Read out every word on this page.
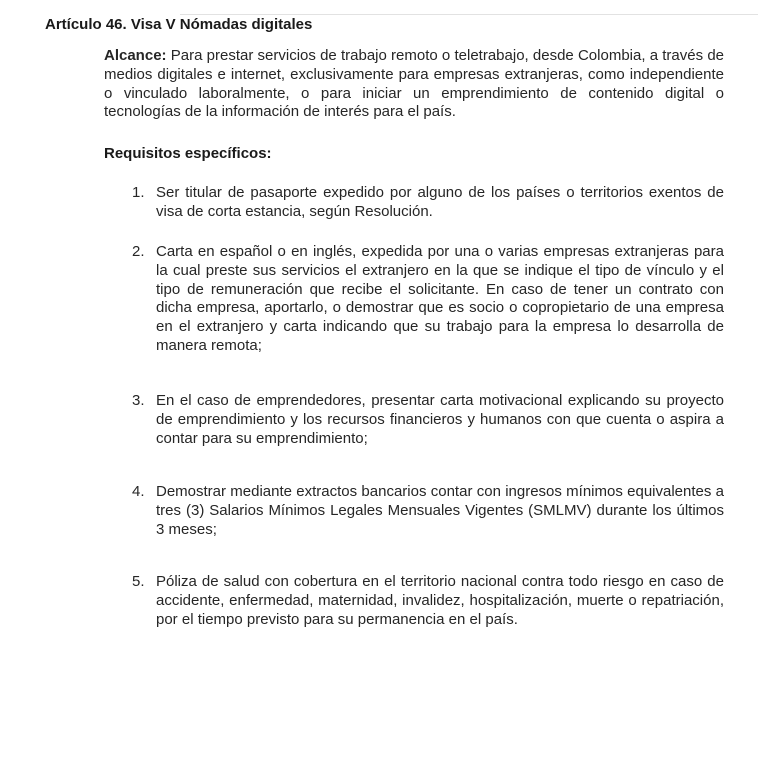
Artículo 46. Visa V Nómadas digitales
Alcance: Para prestar servicios de trabajo remoto o teletrabajo, desde Colombia, a través de medios digitales e internet, exclusivamente para empresas extranjeras, como independiente o vinculado laboralmente, o para iniciar un emprendimiento de contenido digital o tecnologías de la información de interés para el país.
Requisitos específicos:
1. Ser titular de pasaporte expedido por alguno de los países o territorios exentos de visa de corta estancia, según Resolución.
2. Carta en español o en inglés, expedida por una o varias empresas extranjeras para la cual preste sus servicios el extranjero en la que se indique el tipo de vínculo y el tipo de remuneración que recibe el solicitante. En caso de tener un contrato con dicha empresa, aportarlo, o demostrar que es socio o copropietario de una empresa en el extranjero y carta indicando que su trabajo para la empresa lo desarrolla de manera remota;
3. En el caso de emprendedores, presentar carta motivacional explicando su proyecto de emprendimiento y los recursos financieros y humanos con que cuenta o aspira a contar para su emprendimiento;
4. Demostrar mediante extractos bancarios contar con ingresos mínimos equivalentes a tres (3) Salarios Mínimos Legales Mensuales Vigentes (SMLMV) durante los últimos 3 meses;
5. Póliza de salud con cobertura en el territorio nacional contra todo riesgo en caso de accidente, enfermedad, maternidad, invalidez, hospitalización, muerte o repatriación, por el tiempo previsto para su permanencia en el país.
